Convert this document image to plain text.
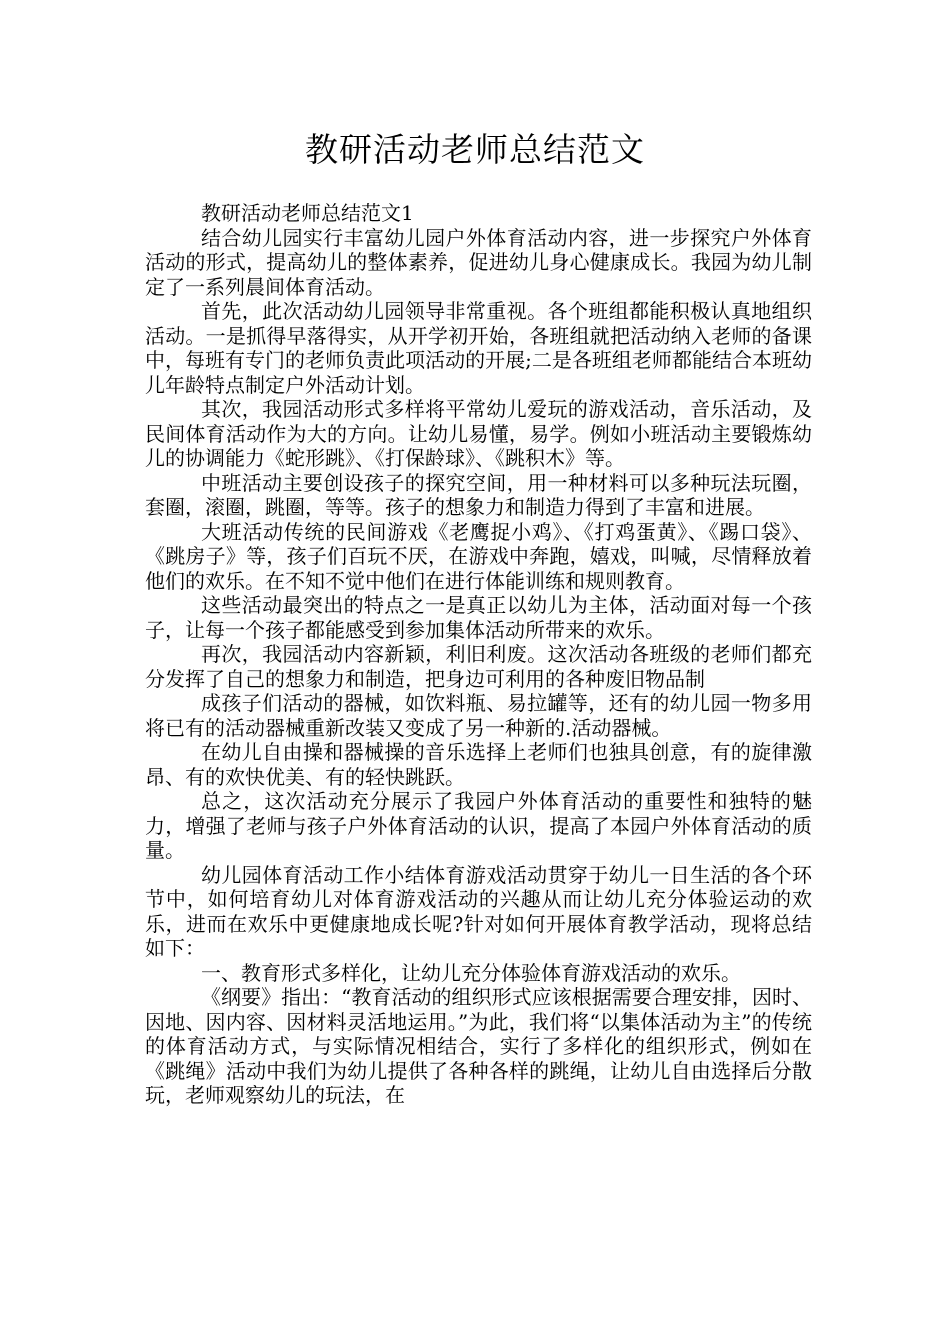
教研活动老师总结范文

教研活动老师总结范文1

结合幼儿园实行丰富幼儿园户外体育活动内容，进一步探究户外体育活动的形式，提高幼儿的整体素养，促进幼儿身心健康成长。我园为幼儿制定了一系列晨间体育活动。

首先，此次活动幼儿园领导非常重视。各个班组都能积极认真地组织活动。一是抓得早落得实，从开学初开始，各班组就把活动纳入老师的备课中，每班有专门的老师负责此项活动的开展;二是各班组老师都能结合本班幼儿年龄特点制定户外活动计划。

其次，我园活动形式多样将平常幼儿爱玩的游戏活动，音乐活动，及民间体育活动作为大的方向。让幼儿易懂，易学。例如小班活动主要锻炼幼儿的协调能力《蛇形跳》、《打保龄球》、《跳积木》等。

中班活动主要创设孩子的探究空间，用一种材料可以多种玩法玩圈，套圈，滚圈，跳圈，等等。孩子的想象力和制造力得到了丰富和进展。

大班活动传统的民间游戏《老鹰捉小鸡》、《打鸡蛋黄》、《踢口袋》、《跳房子》等，孩子们百玩不厌，在游戏中奔跑，嬉戏，叫喊，尽情释放着他们的欢乐。在不知不觉中他们在进行体能训练和规则教育。

这些活动最突出的特点之一是真正以幼儿为主体，活动面对每一个孩子，让每一个孩子都能感受到参加集体活动所带来的欢乐。

再次，我园活动内容新颖，利旧利废。这次活动各班级的老师们都充分发挥了自己的想象力和制造，把身边可利用的各种废旧物品制

成孩子们活动的器械，如饮料瓶、易拉罐等，还有的幼儿园一物多用将已有的活动器械重新改装又变成了另一种新的.活动器械。

在幼儿自由操和器械操的音乐选择上老师们也独具创意，有的旋律激昂、有的欢快优美、有的轻快跳跃。

总之，这次活动充分展示了我园户外体育活动的重要性和独特的魅力，增强了老师与孩子户外体育活动的认识，提高了本园户外体育活动的质量。

幼儿园体育活动工作小结体育游戏活动贯穿于幼儿一日生活的各个环节中，如何培育幼儿对体育游戏活动的兴趣从而让幼儿充分体验运动的欢乐，进而在欢乐中更健康地成长呢?针对如何开展体育教学活动，现将总结如下：

一、教育形式多样化，让幼儿充分体验体育游戏活动的欢乐。

《纲要》指出：“教育活动的组织形式应该根据需要合理安排，因时、因地、因内容、因材料灵活地运用。”为此，我们将“以集体活动为主”的传统的体育活动方式，与实际情况相结合，实行了多样化的组织形式，例如在《跳绳》活动中我们为幼儿提供了各种各样的跳绳，让幼儿自由选择后分散玩，老师观察幼儿的玩法，在
